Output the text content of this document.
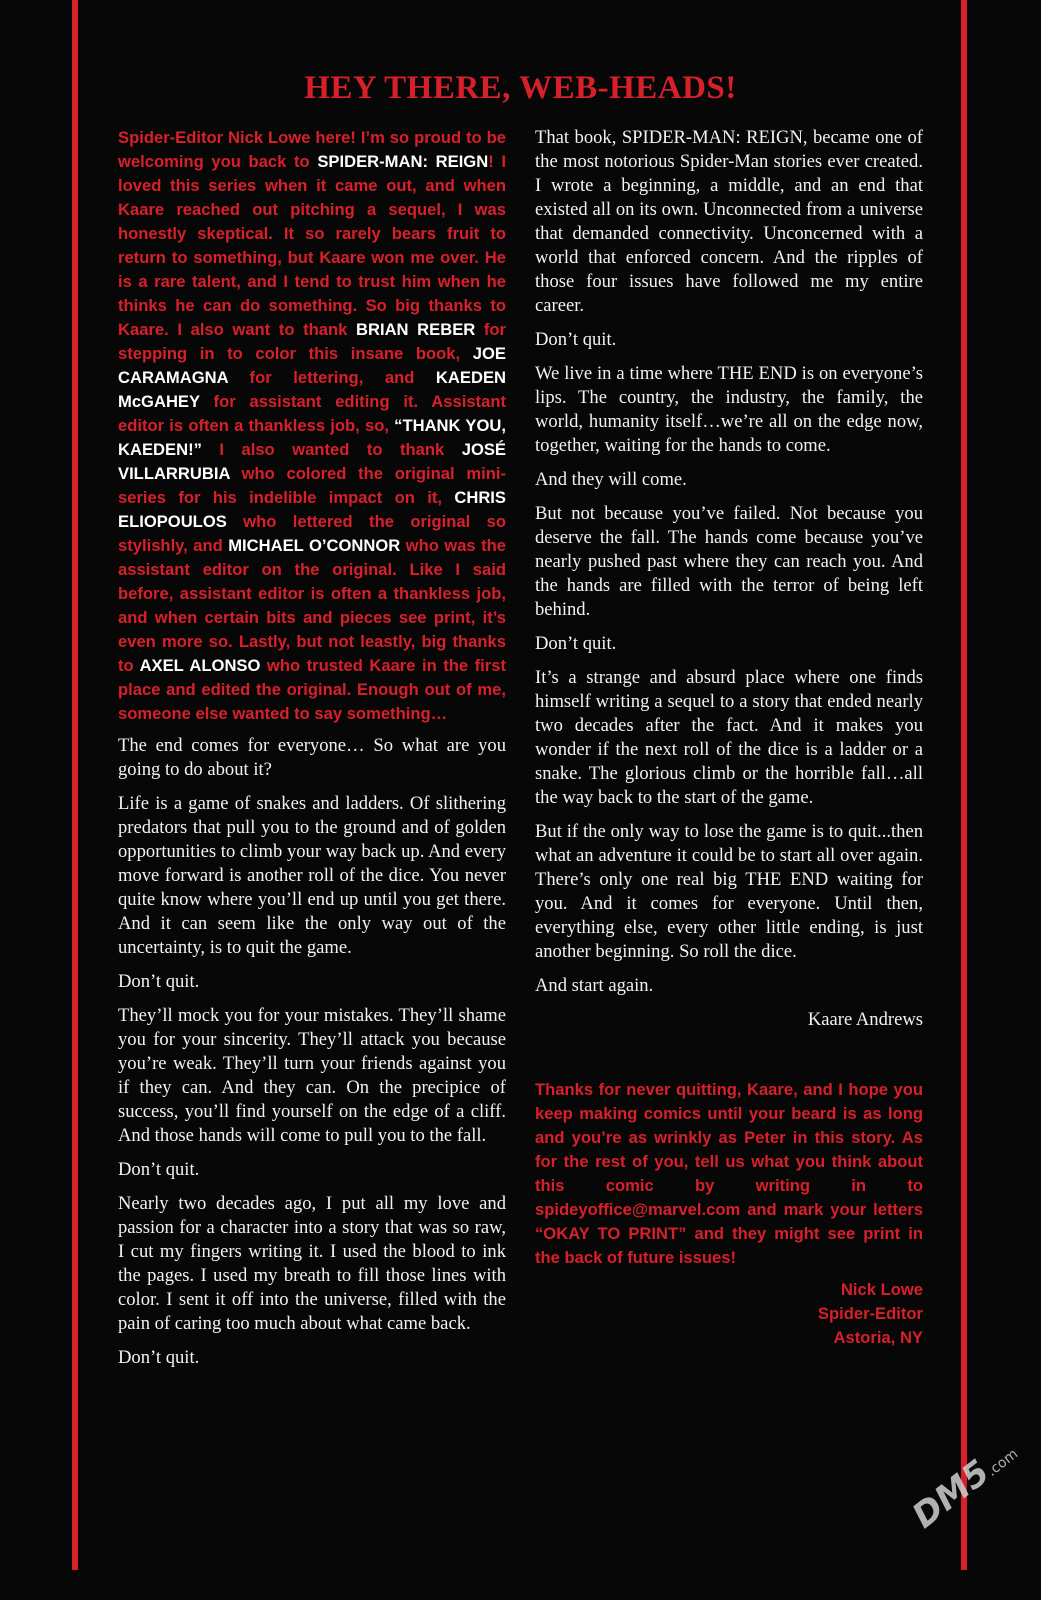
HEY THERE, WEB-HEADS!

Spider-Editor Nick Lowe here! I’m so proud to be welcoming you back to SPIDER-MAN: REIGN! I loved this series when it came out, and when Kaare reached out pitching a sequel, I was honestly skeptical. It so rarely bears fruit to return to something, but Kaare won me over. He is a rare talent, and I tend to trust him when he thinks he can do something. So big thanks to Kaare. I also want to thank BRIAN REBER for stepping in to color this insane book, JOE CARAMAGNA for lettering, and KAEDEN McGAHEY for assistant editing it. Assistant editor is often a thankless job, so, “THANK YOU, KAEDEN!” I also wanted to thank JOSÉ VILLARRUBIA who colored the original mini-series for his indelible impact on it, CHRIS ELIOPOULOS who lettered the original so stylishly, and MICHAEL O’CONNOR who was the assistant editor on the original. Like I said before, assistant editor is often a thankless job, and when certain bits and pieces see print, it’s even more so. Lastly, but not leastly, big thanks to AXEL ALONSO who trusted Kaare in the first place and edited the original. Enough out of me, someone else wanted to say something…

The end comes for everyone… So what are you going to do about it?

Life is a game of snakes and ladders. Of slithering predators that pull you to the ground and of golden opportunities to climb your way back up. And every move forward is another roll of the dice. You never quite know where you’ll end up until you get there. And it can seem like the only way out of the uncertainty, is to quit the game.

Don’t quit.

They’ll mock you for your mistakes. They’ll shame you for your sincerity. They’ll attack you because you’re weak. They’ll turn your friends against you if they can. And they can. On the precipice of success, you’ll find yourself on the edge of a cliff. And those hands will come to pull you to the fall.

Don’t quit.

Nearly two decades ago, I put all my love and passion for a character into a story that was so raw, I cut my fingers writing it. I used the blood to ink the pages. I used my breath to fill those lines with color. I sent it off into the universe, filled with the pain of caring too much about what came back.

Don’t quit.

That book, SPIDER-MAN: REIGN, became one of the most notorious Spider-Man stories ever created. I wrote a beginning, a middle, and an end that existed all on its own. Unconnected from a universe that demanded connectivity. Unconcerned with a world that enforced concern. And the ripples of those four issues have followed me my entire career.

Don’t quit.

We live in a time where THE END is on everyone’s lips. The country, the industry, the family, the world, humanity itself…we’re all on the edge now, together, waiting for the hands to come.

And they will come.

But not because you’ve failed. Not because you deserve the fall. The hands come because you’ve nearly pushed past where they can reach you. And the hands are filled with the terror of being left behind.

Don’t quit.

It’s a strange and absurd place where one finds himself writing a sequel to a story that ended nearly two decades after the fact. And it makes you wonder if the next roll of the dice is a ladder or a snake. The glorious climb or the horrible fall…all the way back to the start of the game.

But if the only way to lose the game is to quit...then what an adventure it could be to start all over again. There’s only one real big THE END waiting for you. And it comes for everyone. Until then, everything else, every other little ending, is just another beginning. So roll the dice.

And start again.

Kaare Andrews

Thanks for never quitting, Kaare, and I hope you keep making comics until your beard is as long and you’re as wrinkly as Peter in this story. As for the rest of you, tell us what you think about this comic by writing in to spideyoffice@marvel.com and mark your letters “OKAY TO PRINT” and they might see print in the back of future issues!

Nick Lowe
Spider-Editor
Astoria, NY
DM5.com
